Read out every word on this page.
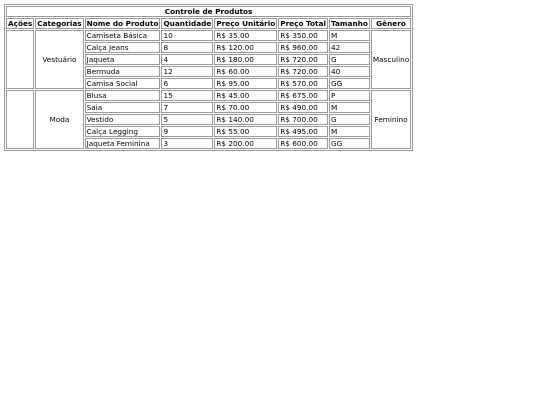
Controle de Produtos							
Ações	Categorias	Nome do Produto	Quantidade	Preço Unitário	Preço Total	Tamanho	Gênero
	Vestuário	Camiseta Básica	10	R$ 35.00	R$ 350.00	M	Masculino
		Calça Jeans	8	R$ 120.00	R$ 960.00	42	
		Jaqueta	4	R$ 180.00	R$ 720.00	G	
		Bermuda	12	R$ 60.00	R$ 720.00	40	
		Camisa Social	6	R$ 95.00	R$ 570.00	GG	
	Moda	Blusa	15	R$ 45.00	R$ 675.00	P	Feminino
		Saia	7	R$ 70.00	R$ 490.00	M	
		Vestido	5	R$ 140.00	R$ 700.00	G	
		Calça Legging	9	R$ 55.00	R$ 495.00	M	
		Jaqueta Feminina	3	R$ 200.00	R$ 600.00	GG	
